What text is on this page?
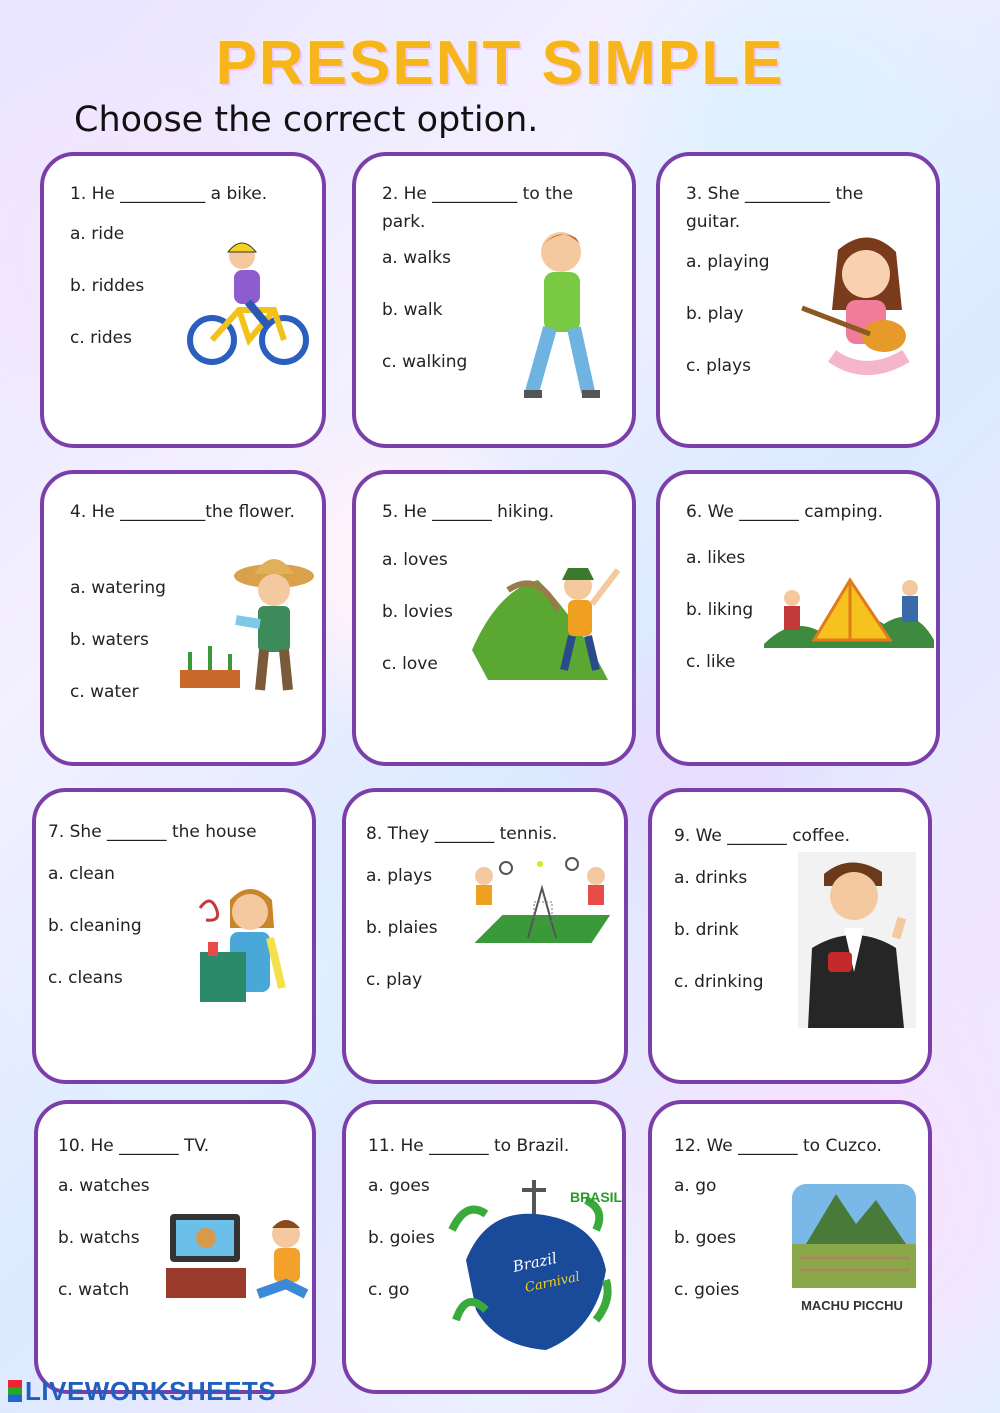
PRESENT SIMPLE
Choose the correct option.
1. He __________ a bike.
a. ride
b. riddes
c. rides
2. He __________ to the park.
a. walks
b. walk
c. walking
3. She __________ the guitar.
a. playing
b. play
c. plays
4. He __________the flower.
a. watering
b. waters
c. water
5. He _______ hiking.
a. loves
b. lovies
c. love
6. We _______ camping.
a. likes
b. liking
c. like
7. She _______ the house
a. clean
b. cleaning
c. cleans
8. They _______ tennis.
a. plays
b. plaies
c. play
9. We _______ coffee.
a. drinks
b. drink
c. drinking
10. He _______ TV.
a. watches
b. watchs
c. watch
11. He _______ to Brazil.
a. goes
b. goies
c. go
BRASIL
Brazil
Carnival
12. We _______ to Cuzco.
a. go
b. goes
c. goies
MACHU PICCHU
LIVEWORKSHEETS
